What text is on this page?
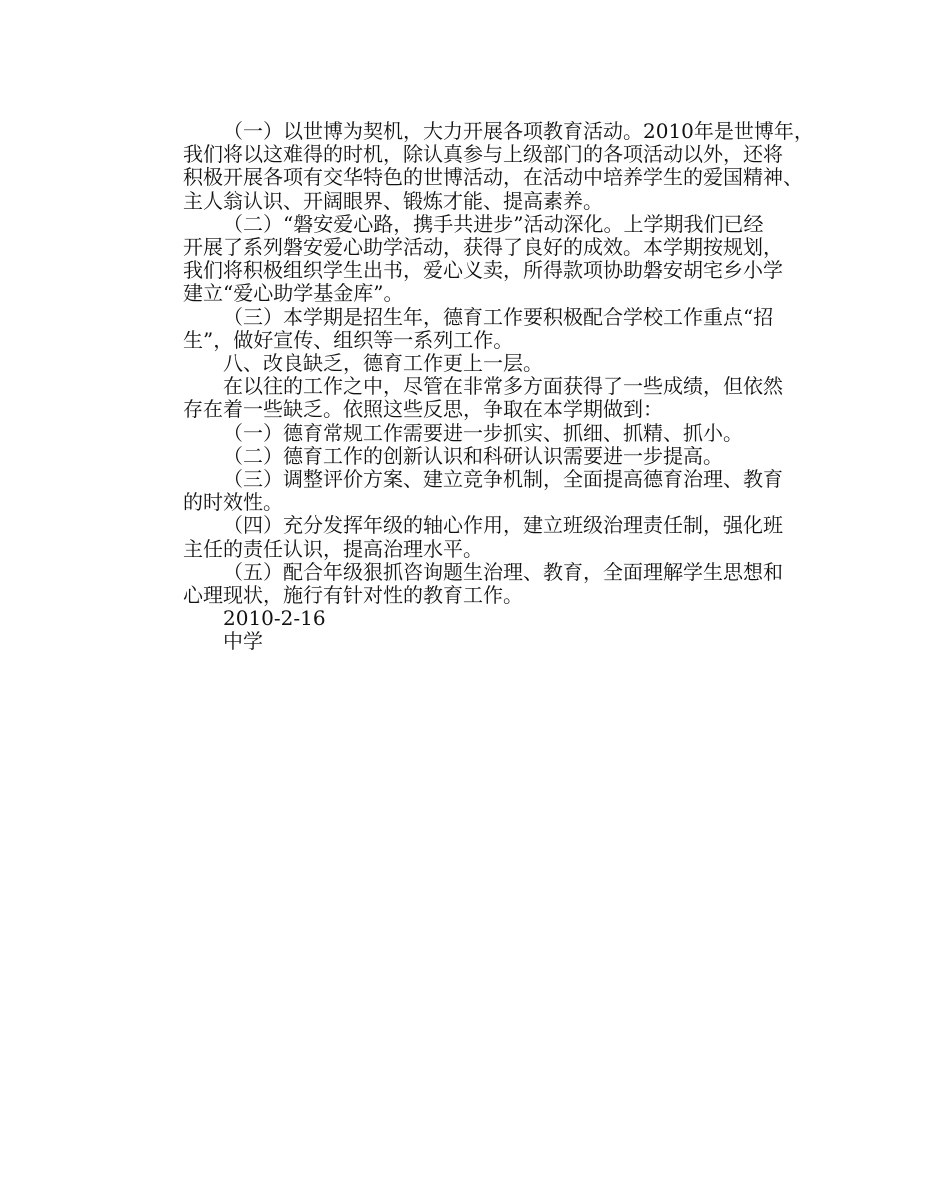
（一）以世博为契机，大力开展各项教育活动。2010年是世博年，
我们将以这难得的时机，除认真参与上级部门的各项活动以外，还将
积极开展各项有交华特色的世博活动，在活动中培养学生的爱国精神、
主人翁认识、开阔眼界、锻炼才能、提高素养。

（二）“磐安爱心路，携手共进步”活动深化。上学期我们已经
开展了系列磐安爱心助学活动，获得了良好的成效。本学期按规划，
我们将积极组织学生出书，爱心义卖，所得款项协助磐安胡宅乡小学
建立“爱心助学基金库”。

（三）本学期是招生年，德育工作要积极配合学校工作重点“招
生”，做好宣传、组织等一系列工作。

八、改良缺乏，德育工作更上一层。

在以往的工作之中，尽管在非常多方面获得了一些成绩，但依然
存在着一些缺乏。依照这些反思，争取在本学期做到：

（一）德育常规工作需要进一步抓实、抓细、抓精、抓小。

（二）德育工作的创新认识和科研认识需要进一步提高。

（三）调整评价方案、建立竞争机制，全面提高德育治理、教育
的时效性。

（四）充分发挥年级的轴心作用，建立班级治理责任制，强化班
主任的责任认识，提高治理水平。

（五）配合年级狠抓咨询题生治理、教育，全面理解学生思想和
心理现状，施行有针对性的教育工作。

2010-2-16

中学
